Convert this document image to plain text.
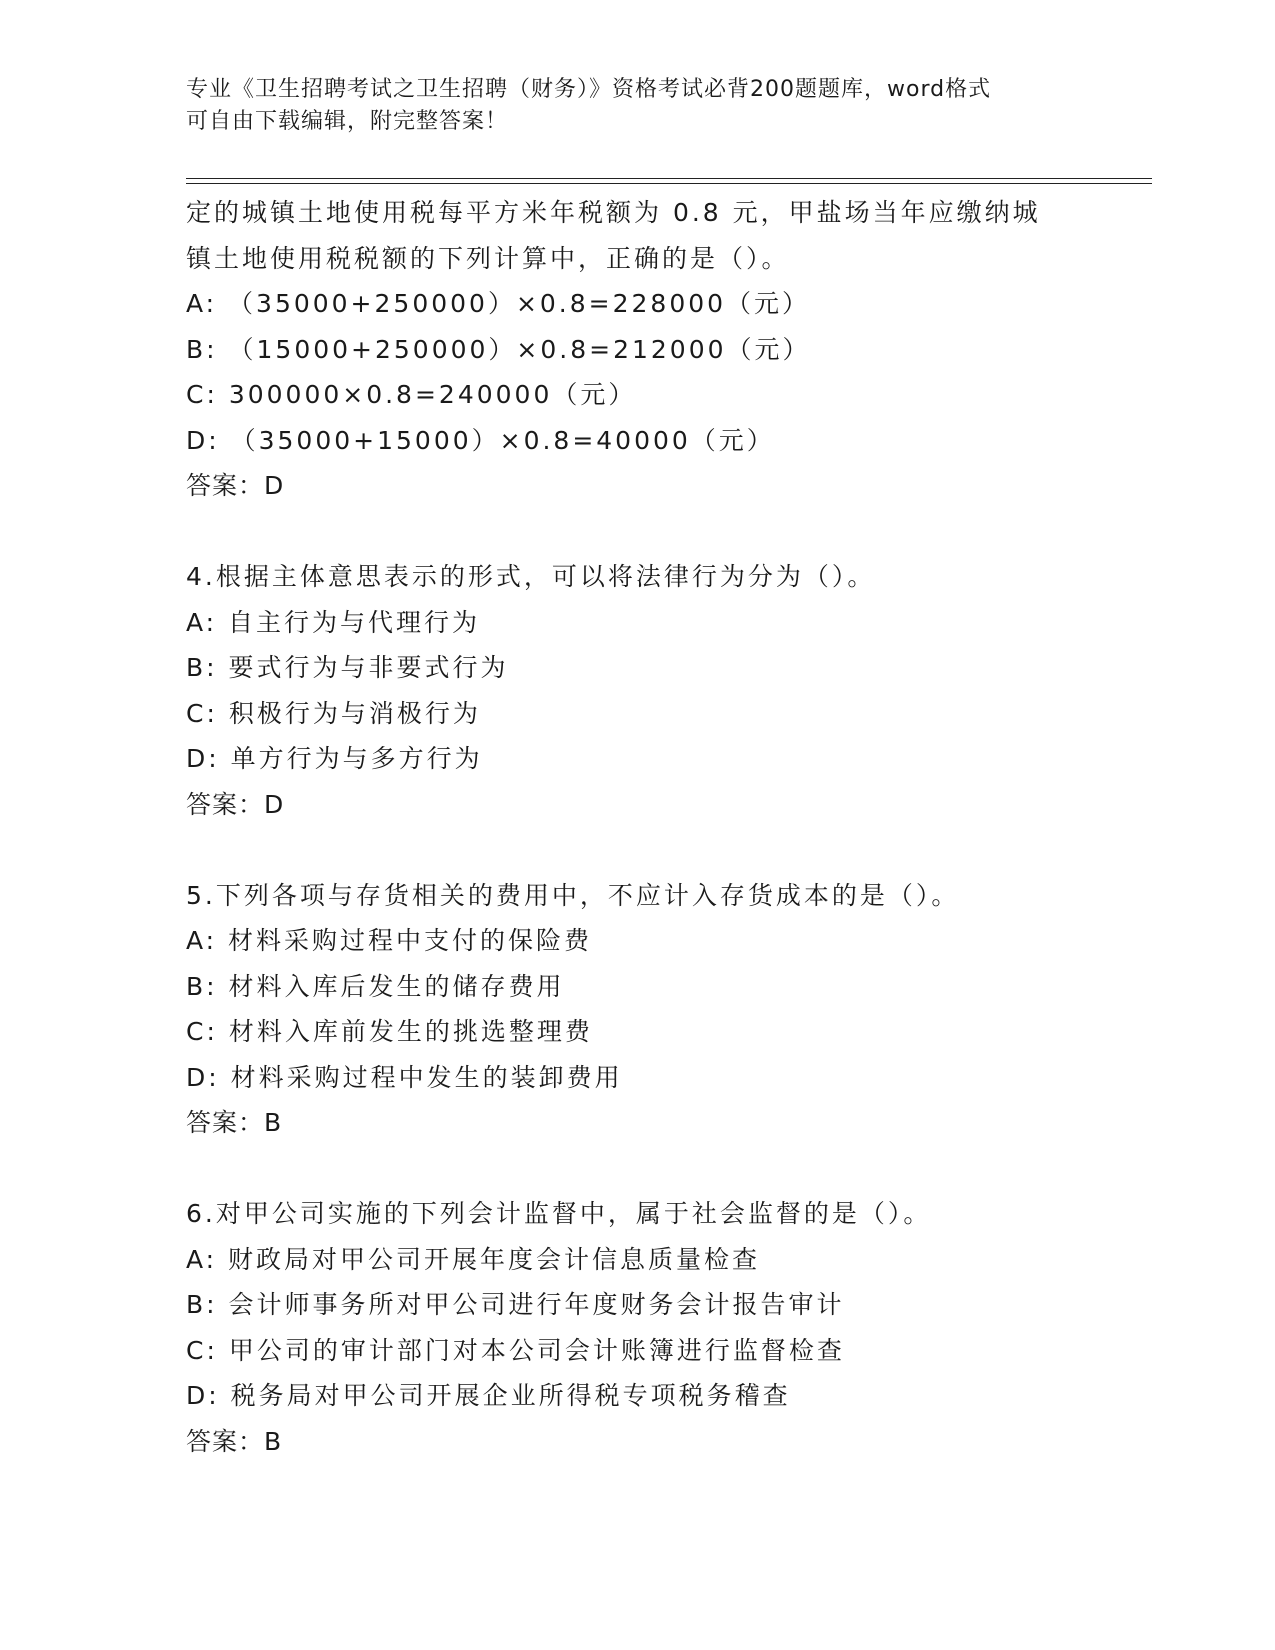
专业《卫生招聘考试之卫生招聘（财务）》资格考试必背200题题库，word格式
可自由下载编辑，附完整答案！
定的城镇土地使用税每平方米年税额为 0.8 元，甲盐场当年应缴纳城
镇土地使用税税额的下列计算中，正确的是（）。
A: （35000+250000）×0.8=228000（元）
B: （15000+250000）×0.8=212000（元）
C: 300000×0.8=240000（元）
D: （35000+15000）×0.8=40000（元）
答案：D
4.根据主体意思表示的形式，可以将法律行为分为（）。
A: 自主行为与代理行为
B: 要式行为与非要式行为
C: 积极行为与消极行为
D: 单方行为与多方行为
答案：D
5.下列各项与存货相关的费用中，不应计入存货成本的是（）。
A: 材料采购过程中支付的保险费
B: 材料入库后发生的储存费用
C: 材料入库前发生的挑选整理费
D: 材料采购过程中发生的装卸费用
答案：B
6.对甲公司实施的下列会计监督中，属于社会监督的是（）。
A: 财政局对甲公司开展年度会计信息质量检查
B: 会计师事务所对甲公司进行年度财务会计报告审计
C: 甲公司的审计部门对本公司会计账簿进行监督检查
D: 税务局对甲公司开展企业所得税专项税务稽查
答案：B
